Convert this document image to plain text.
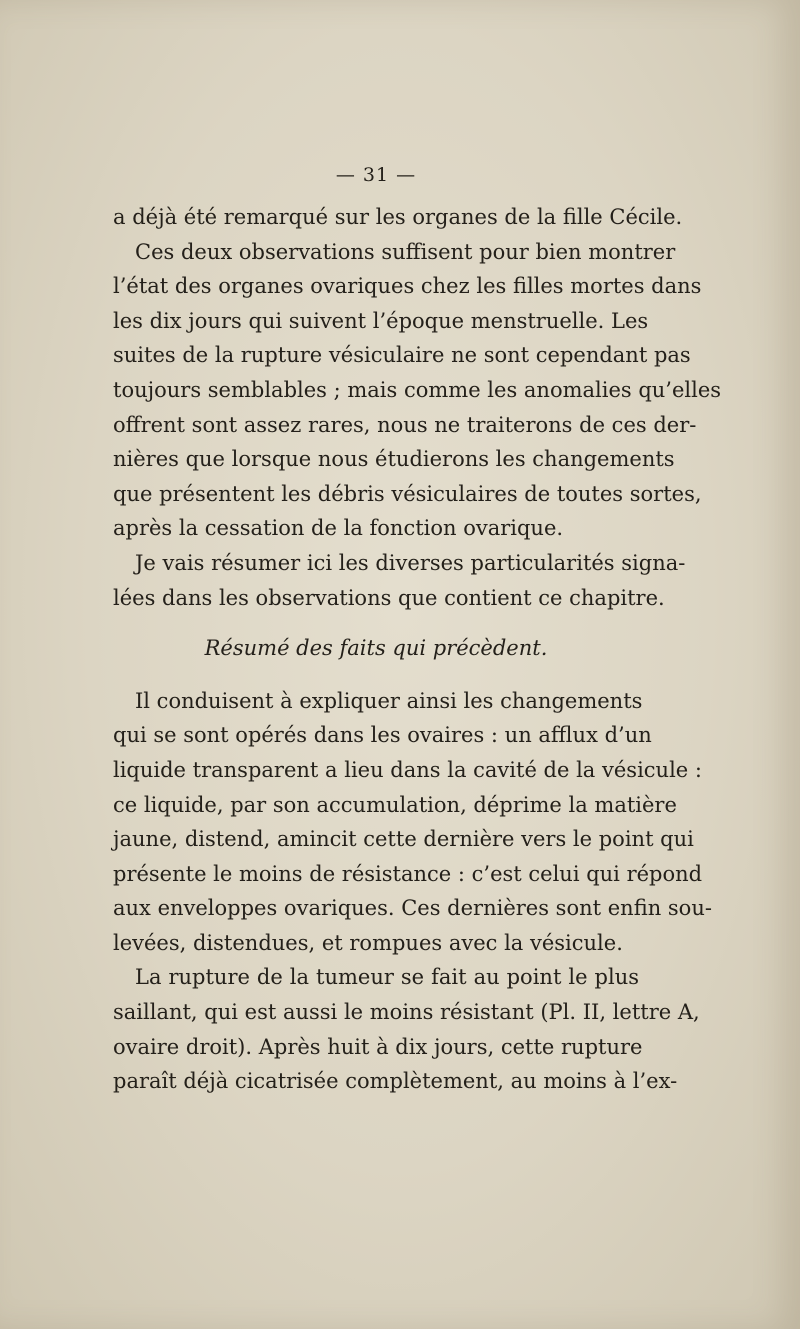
— 31 —
a déjà été remarqué sur les organes de la fille Cécile.
Ces deux observations suffisent pour bien montrer
l’état des organes ovariques chez les filles mortes dans
les dix jours qui suivent l’époque menstruelle. Les
suites de la rupture vésiculaire ne sont cependant pas
toujours semblables ; mais comme les anomalies qu’elles
offrent sont assez rares, nous ne traiterons de ces der-
nières que lorsque nous étudierons les changements
que présentent les débris vésiculaires de toutes sortes,
après la cessation de la fonction ovarique.
Je vais résumer ici les diverses particularités signa-
lées dans les observations que contient ce chapitre.
Résumé des faits qui précèdent.
Il conduisent à expliquer ainsi les changements
qui se sont opérés dans les ovaires : un afflux d’un
liquide transparent a lieu dans la cavité de la vésicule :
ce liquide, par son accumulation, déprime la matière
jaune, distend, amincit cette dernière vers le point qui
présente le moins de résistance : c’est celui qui répond
aux enveloppes ovariques. Ces dernières sont enfin sou-
levées, distendues, et rompues avec la vésicule.
La rupture de la tumeur se fait au point le plus
saillant, qui est aussi le moins résistant (Pl. II, lettre A,
ovaire droit). Après huit à dix jours, cette rupture
paraît déjà cicatrisée complètement, au moins à l’ex-
